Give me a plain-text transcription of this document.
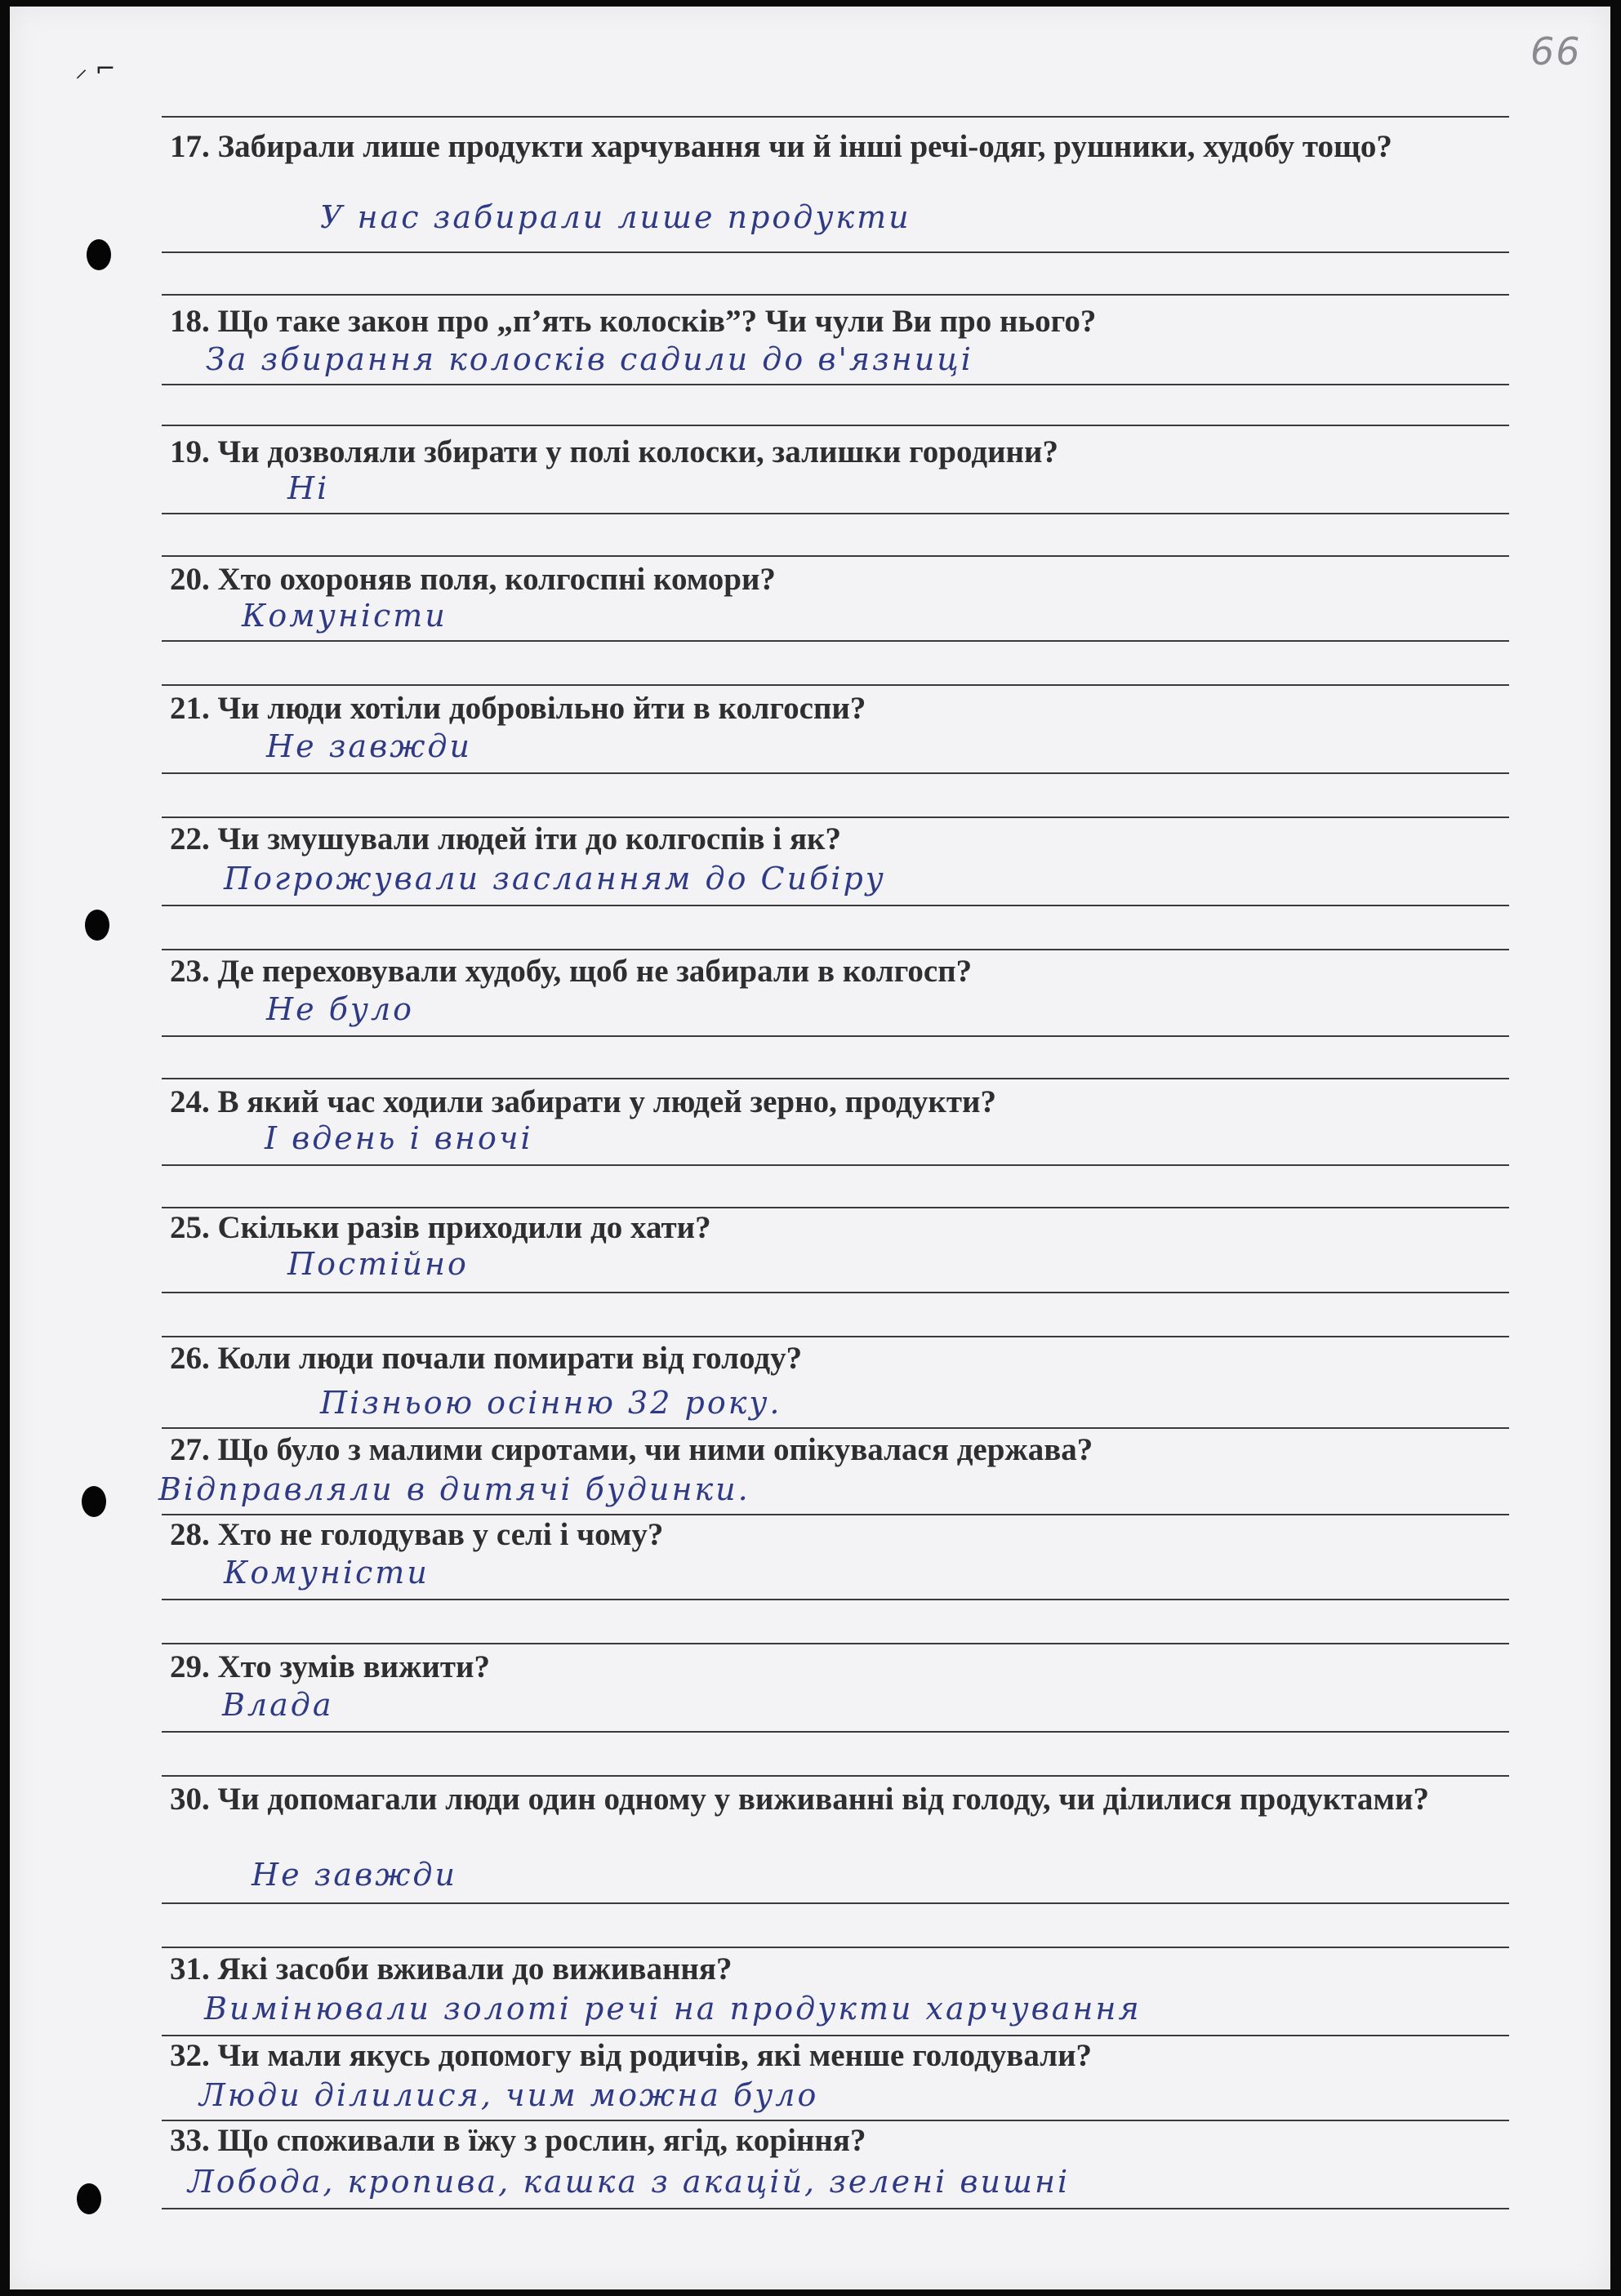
66
⸝ ⌐
17. Забирали лише продукти харчування чи й інші речі-одяг, рушники, худобу тощо?
У нас забирали лише продукти
18. Що таке закон про „п’ять колосків”? Чи чули Ви про нього?
За збирання колосків садили до в'язниці
19. Чи дозволяли збирати у полі колоски, залишки городини?
Ні
20. Хто охороняв поля, колгоспні комори?
Комуністи
21. Чи люди хотіли добровільно йти в колгоспи?
Не завжди
22. Чи змушували людей іти до колгоспів і як?
Погрожували засланням до Сибіру
23. Де переховували худобу, щоб не забирали в колгосп?
Не було
24. В який час ходили забирати у людей зерно, продукти?
І вдень і вночі
25. Скільки разів приходили до хати?
Постійно
26. Коли люди почали помирати від голоду?
Пізньою осінню 32 року.
27. Що було з малими сиротами, чи ними опікувалася держава?
Відправляли в дитячі будинки.
28. Хто не голодував у селі і чому?
Комуністи
29. Хто зумів вижити?
Влада
30. Чи допомагали люди один одному у виживанні від голоду, чи ділилися продуктами?
Не завжди
31. Які засоби вживали до виживання?
Вимінювали золоті речі на продукти харчування
32. Чи мали якусь допомогу від родичів, які менше голодували?
Люди ділилися, чим можна було
33. Що споживали в їжу з рослин, ягід, коріння?
Лобода, кропива, кашка з акацій, зелені вишні
